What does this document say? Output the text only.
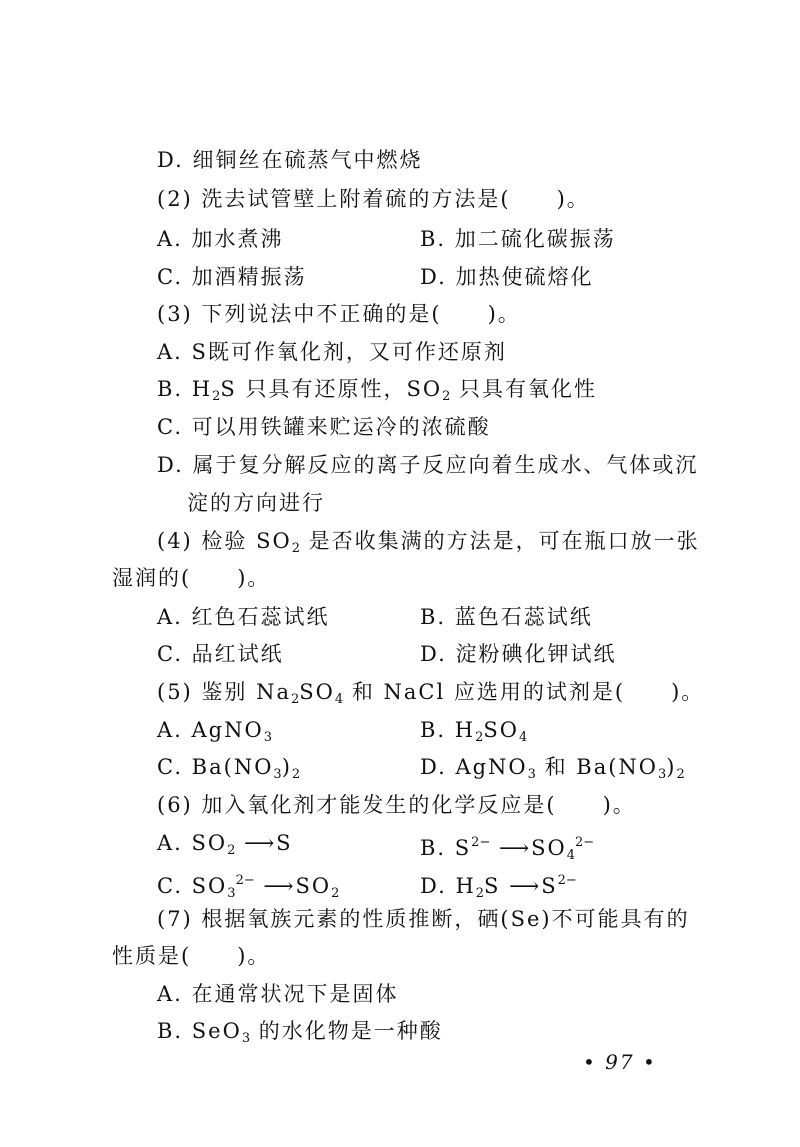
D. 细铜丝在硫蒸气中燃烧
(2) 洗去试管壁上附着硫的方法是(　　)。
A. 加水煮沸	B. 加二硫化碳振荡
C. 加酒精振荡	D. 加热使硫熔化
(3) 下列说法中不正确的是(　　)。
A. S既可作氧化剂，又可作还原剂
B. $H_2S$ 只具有还原性，$SO_2$ 只具有氧化性
C. 可以用铁罐来贮运冷的浓硫酸
D. 属于复分解反应的离子反应向着生成水、气体或沉
淀的方向进行
(4) 检验 $SO_2$ 是否收集满的方法是，可在瓶口放一张
湿润的(　　)。
A. 红色石蕊试纸	B. 蓝色石蕊试纸
C. 品红试纸	D. 淀粉碘化钾试纸
(5) 鉴别 $Na_2SO_4$ 和 NaCl 应选用的试剂是(　　)。
A. AgNO$_3$	B. $H_2SO_4$
C. $Ba(NO_3)_2$	D. AgNO$_3$ 和 $Ba(NO_3)_2$
(6) 加入氧化剂才能发生的化学反应是(　　)。
A. $SO_2$ ⟶S	B. $S^{2-}$ $⟶SO_4^{2-}$
C. $SO_3^{2-}$ $⟶SO_2$	D. $H_2S$ $⟶S^{2-}$
(7) 根据氧族元素的性质推断，硒(Se)不可能具有的
性质是(　　)。
A. 在通常状况下是固体
B. SeO$_3$ 的水化物是一种酸
• 97 •
